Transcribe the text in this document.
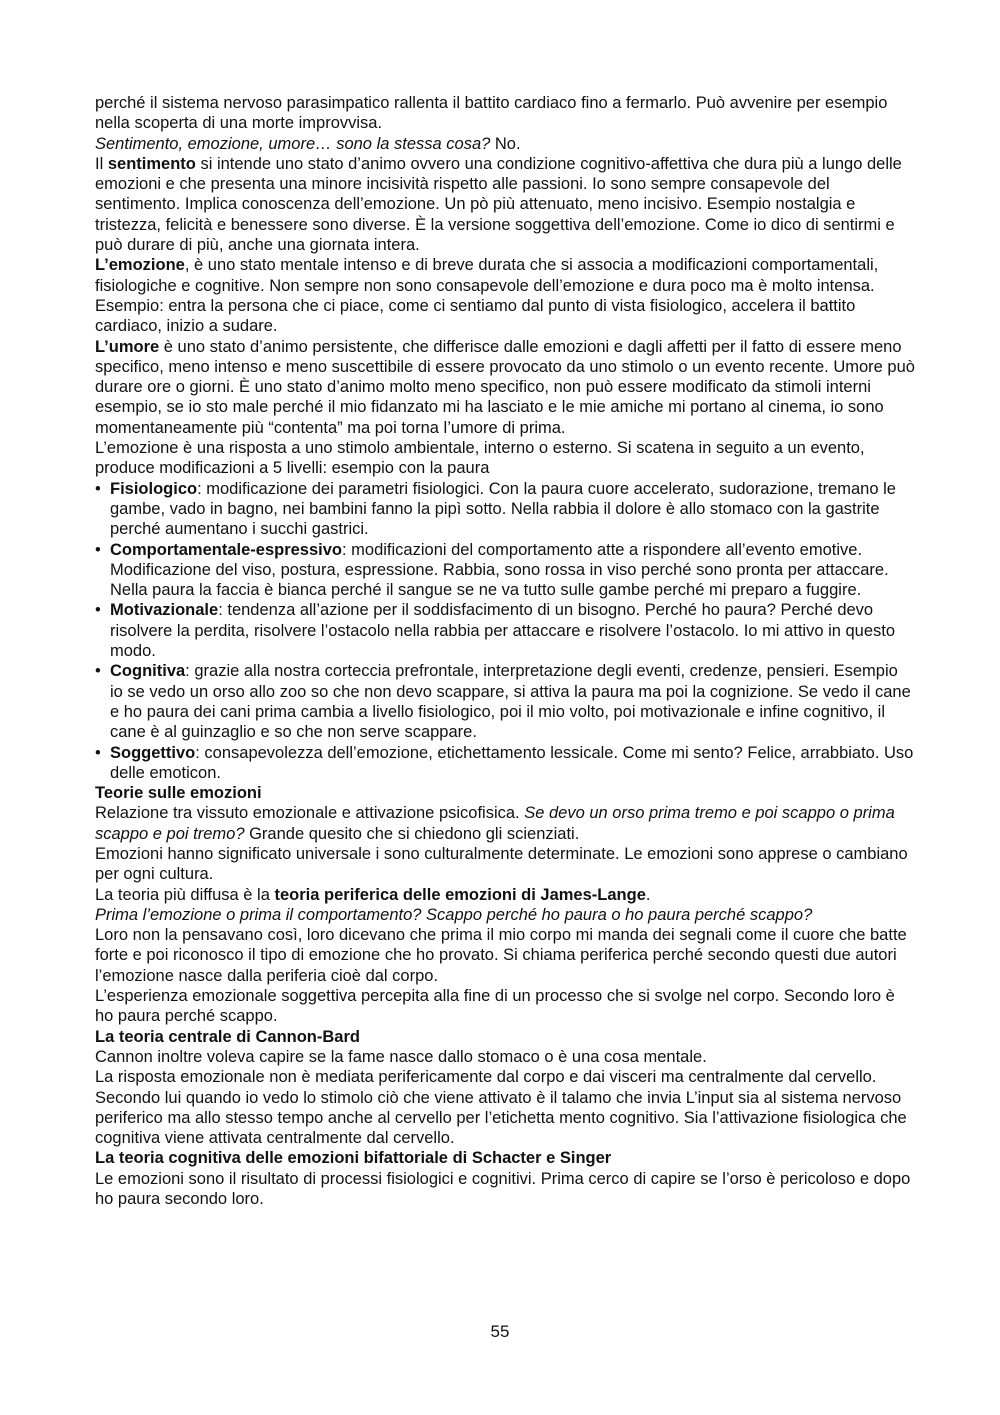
perché il sistema nervoso parasimpatico rallenta il battito cardiaco fino a fermarlo. Può avvenire per esempio nella scoperta di una morte improvvisa.

Sentimento, emozione, umore… sono la stessa cosa? No.

Il sentimento si intende uno stato d’animo ovvero una condizione cognitivo-affettiva che dura più a lungo delle emozioni e che presenta una minore incisività rispetto alle passioni. Io sono sempre consapevole del sentimento. Implica conoscenza dell’emozione. Un pò più attenuato, meno incisivo. Esempio nostalgia e tristezza, felicità e benessere sono diverse. È la versione soggettiva dell’emozione. Come io dico di sentirmi e può durare di più, anche una giornata intera.

L’emozione, è uno stato mentale intenso e di breve durata che si associa a modificazioni comportamentali, fisiologiche e cognitive. Non sempre non sono consapevole dell’emozione e dura poco ma è molto intensa. Esempio: entra la persona che ci piace, come ci sentiamo dal punto di vista fisiologico, accelera il battito cardiaco, inizio a sudare.

L’umore è uno stato d’animo persistente, che differisce dalle emozioni e dagli affetti per il fatto di essere meno specifico, meno intenso e meno suscettibile di essere provocato da uno stimolo o un evento recente. Umore può durare ore o giorni. È uno stato d’animo molto meno specifico, non può essere modificato da stimoli interni esempio, se io sto male perché il mio fidanzato mi ha lasciato e le mie amiche mi portano al cinema, io sono momentaneamente più “contenta” ma poi torna l’umore di prima.

L’emozione è una risposta a uno stimolo ambientale, interno o esterno. Si scatena in seguito a un evento, produce modificazioni a 5 livelli: esempio con la paura

• Fisiologico: modificazione dei parametri fisiologici. Con la paura cuore accelerato, sudorazione, tremano le gambe, vado in bagno, nei bambini fanno la pipì sotto. Nella rabbia il dolore è allo stomaco con la gastrite perché aumentano i succhi gastrici.
• Comportamentale-espressivo: modificazioni del comportamento atte a rispondere all’evento emotive. Modificazione del viso, postura, espressione. Rabbia, sono rossa in viso perché sono pronta per attaccare. Nella paura la faccia è bianca perché il sangue se ne va tutto sulle gambe perché mi preparo a fuggire.
• Motivazionale: tendenza all’azione per il soddisfacimento di un bisogno. Perché ho paura? Perché devo risolvere la perdita, risolvere l’ostacolo nella rabbia per attaccare e risolvere l’ostacolo. Io mi attivo in questo modo.
• Cognitiva: grazie alla nostra corteccia prefrontale, interpretazione degli eventi, credenze, pensieri. Esempio io se vedo un orso allo zoo so che non devo scappare, si attiva la paura ma poi la cognizione. Se vedo il cane e ho paura dei cani prima cambia a livello fisiologico, poi il mio volto, poi motivazionale e infine cognitivo, il cane è al guinzaglio e so che non serve scappare.
• Soggettivo: consapevolezza dell’emozione, etichettamento lessicale. Come mi sento? Felice, arrabbiato. Uso delle emoticon.

Teorie sulle emozioni

Relazione tra vissuto emozionale e attivazione psicofisica. Se devo un orso prima tremo e poi scappo o prima scappo e poi tremo? Grande quesito che si chiedono gli scienziati.

Emozioni hanno significato universale i sono culturalmente determinate. Le emozioni sono apprese o cambiano per ogni cultura.

La teoria più diffusa è la teoria periferica delle emozioni di James-Lange.

Prima l’emozione o prima il comportamento? Scappo perché ho paura o ho paura perché scappo?

Loro non la pensavano così, loro dicevano che prima il mio corpo mi manda dei segnali come il cuore che batte forte e poi riconosco il tipo di emozione che ho provato. Si chiama periferica perché secondo questi due autori l’emozione nasce dalla periferia cioè dal corpo.

L’esperienza emozionale soggettiva percepita alla fine di un processo che si svolge nel corpo. Secondo loro è ho paura perché scappo.

La teoria centrale di Cannon-Bard

Cannon inoltre voleva capire se la fame nasce dallo stomaco o è una cosa mentale.

La risposta emozionale non è mediata perifericamente dal corpo e dai visceri ma centralmente dal cervello. Secondo lui quando io vedo lo stimolo ciò che viene attivato è il talamo che invia L’input sia al sistema nervoso periferico ma allo stesso tempo anche al cervello per l’etichetta mento cognitivo. Sia l’attivazione fisiologica che cognitiva viene attivata centralmente dal cervello.

La teoria cognitiva delle emozioni bifattoriale di Schacter e Singer

Le emozioni sono il risultato di processi fisiologici e cognitivi. Prima cerco di capire se l’orso è pericoloso e dopo ho paura secondo loro.

55
